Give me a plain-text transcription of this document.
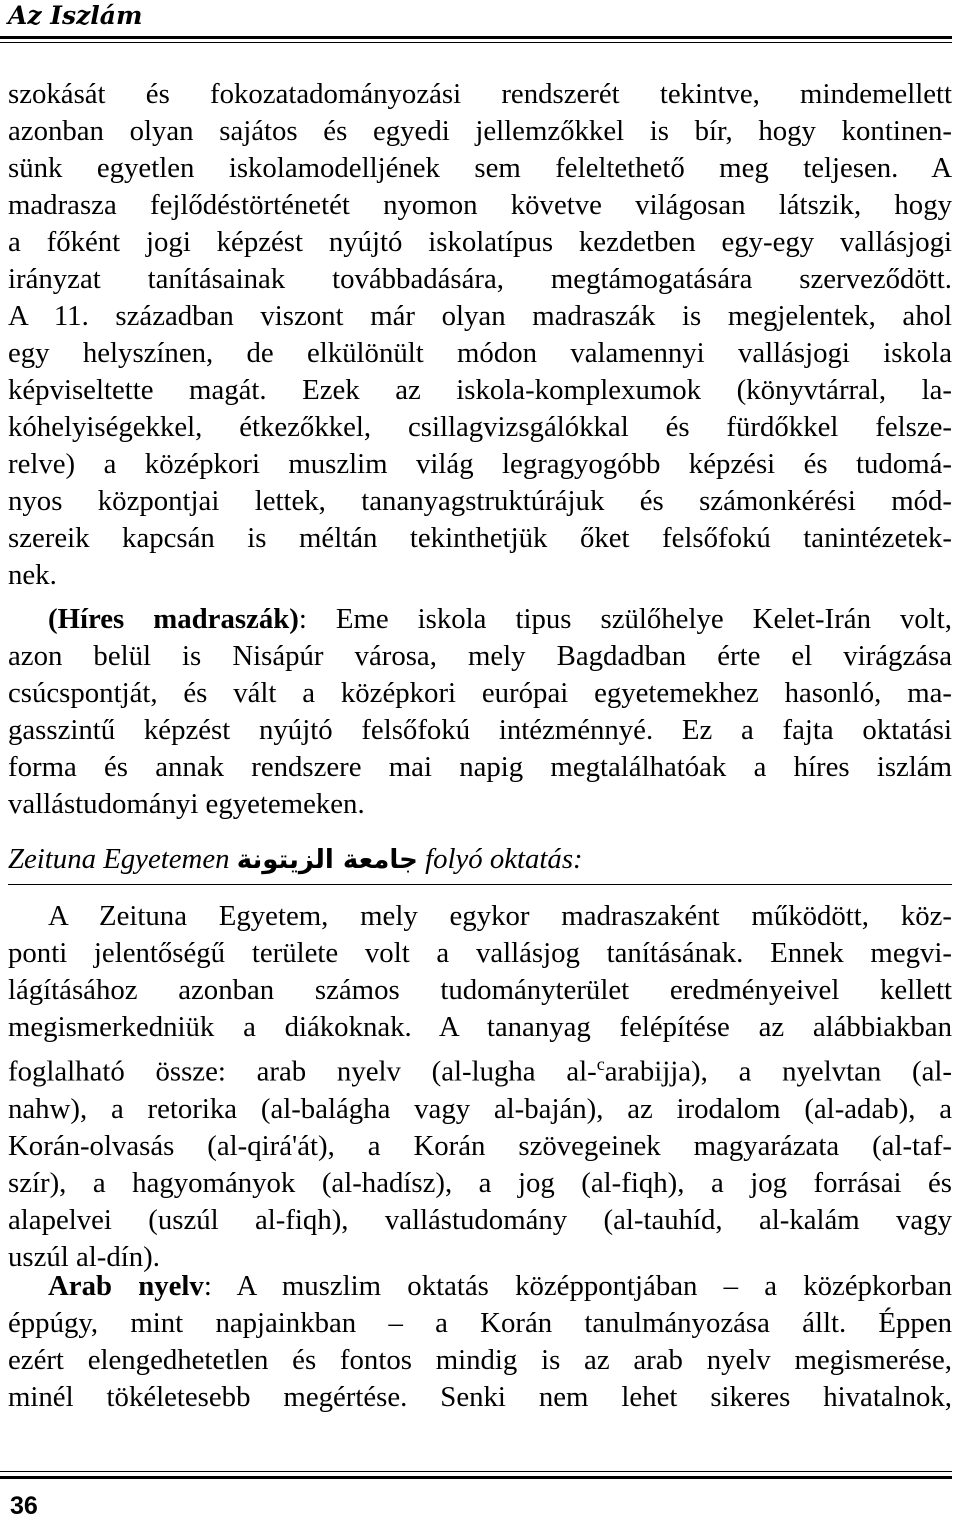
Az Iszlám

szokását és fokozatadományozási rendszerét tekintve, mindemellett

azonban olyan sajátos és egyedi jellemzőkkel is bír, hogy kontinen-

sünk egyetlen iskolamodelljének sem feleltethető meg teljesen. A

madrasza fejlődéstörténetét nyomon követve világosan látszik, hogy

a főként jogi képzést nyújtó iskolatípus kezdetben egy-egy vallásjogi

irányzat tanításainak továbbadására, megtámogatására szerveződött.

A 11. században viszont már olyan madraszák is megjelentek, ahol

egy helyszínen, de elkülönült módon valamennyi vallásjogi iskola

képviseltette magát. Ezek az iskola-komplexumok (könyvtárral, la-

kóhelyiségekkel, étkezőkkel, csillagvizsgálókkal és fürdőkkel felsze-

relve) a középkori muszlim világ legragyogóbb képzési és tudomá-

nyos központjai lettek, tananyagstruktúrájuk és számonkérési mód-

szereik kapcsán is méltán tekinthetjük őket felsőfokú tanintézetek-

nek.

(Híres madraszák): Eme iskola tipus szülőhelye Kelet-Irán volt,

azon belül is Nisápúr városa, mely Bagdadban érte el virágzása

csúcspontját, és vált a középkori európai egyetemekhez hasonló, ma-

gasszintű képzést nyújtó felsőfokú intézménnyé. Ez a fajta oktatási

forma és annak rendszere mai napig megtalálhatóak a híres iszlám

vallástudományi egyetemeken.

Zeituna Egyetemen جامعة الزيتونة folyó oktatás:

A Zeituna Egyetem, mely egykor madraszaként működött, köz-

ponti jelentőségű területe volt a vallásjog tanításának. Ennek megvi-

lágításához azonban számos tudományterület eredményeivel kellett

megismerkedniük a diákoknak. A tananyag felépítése az alábbiakban

foglalható össze: arab nyelv (al-lugha al-$^c$arabijja), a nyelvtan (al-

nahw), a retorika (al-balágha vagy al-baján), az irodalom (al-adab), a

Korán-olvasás (al-qirá'át), a Korán szövegeinek magyarázata (al-taf-

szír), a hagyományok (al-hadísz), a jog (al-fiqh), a jog forrásai és

alapelvei (uszúl al-fiqh), vallástudomány (al-tauhíd, al-kalám vagy

uszúl al-dín).

Arab nyelv: A muszlim oktatás középpontjában – a középkorban

éppúgy, mint napjainkban – a Korán tanulmányozása állt. Éppen

ezért elengedhetetlen és fontos mindig is az arab nyelv megismerése,

minél tökéletesebb megértése. Senki nem lehet sikeres hivatalnok,

36
